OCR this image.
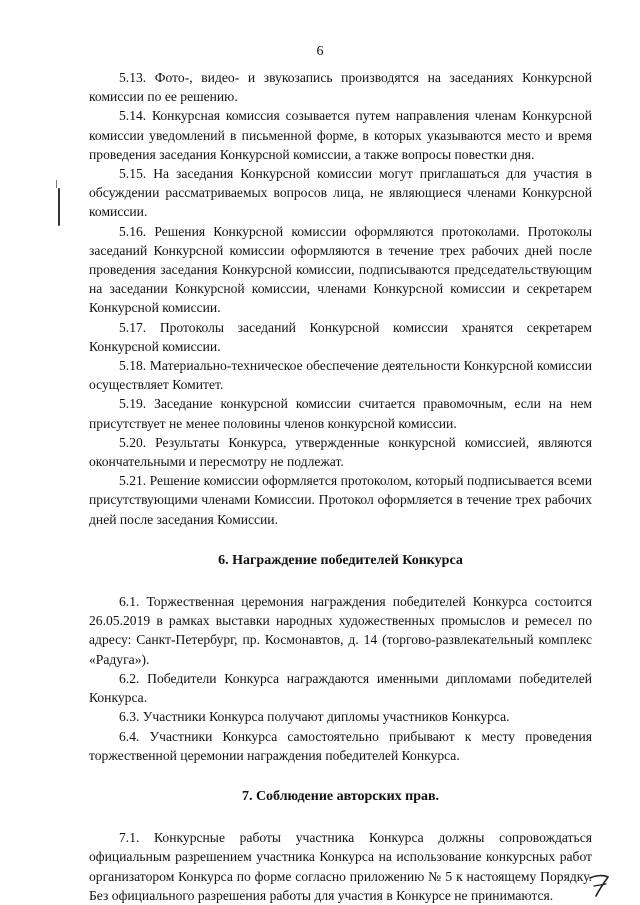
6

5.13. Фото-, видео- и звукозапись производятся на заседаниях Конкурсной комиссии по ее решению.

5.14. Конкурсная комиссия созывается путем направления членам Конкурсной комиссии уведомлений в письменной форме, в которых указываются место и время проведения заседания Конкурсной комиссии, а также вопросы повестки дня.

5.15. На заседания Конкурсной комиссии могут приглашаться для участия в обсуждении рассматриваемых вопросов лица, не являющиеся членами Конкурсной комиссии.

5.16. Решения Конкурсной комиссии оформляются протоколами. Протоколы заседаний Конкурсной комиссии оформляются в течение трех рабочих дней после проведения заседания Конкурсной комиссии, подписываются председательствующим на заседании Конкурсной комиссии, членами Конкурсной комиссии и секретарем Конкурсной комиссии.

5.17. Протоколы заседаний Конкурсной комиссии хранятся секретарем Конкурсной комиссии.

5.18. Материально-техническое обеспечение деятельности Конкурсной комиссии осуществляет Комитет.

5.19. Заседание конкурсной комиссии считается правомочным, если на нем присутствует не менее половины членов конкурсной комиссии.

5.20. Результаты Конкурса, утвержденные конкурсной комиссией, являются окончательными и пересмотру не подлежат.

5.21. Решение комиссии оформляется протоколом, который подписывается всеми присутствующими членами Комиссии. Протокол оформляется в течение трех рабочих дней после заседания Комиссии.

6. Награждение победителей Конкурса

6.1. Торжественная церемония награждения победителей Конкурса состоится 26.05.2019 в рамках выставки народных художественных промыслов и ремесел по адресу: Санкт-Петербург, пр. Космонавтов, д. 14 (торгово-развлекательный комплекс «Радуга»).

6.2. Победители Конкурса награждаются именными дипломами победителей Конкурса.

6.3. Участники Конкурса получают дипломы участников Конкурса.

6.4. Участники Конкурса самостоятельно прибывают к месту проведения торжественной церемонии награждения победителей Конкурса.

7. Соблюдение авторских прав.

7.1. Конкурсные работы участника Конкурса должны сопровождаться официальным разрешением участника Конкурса на использование конкурсных работ организатором Конкурса по форме согласно приложению № 5 к настоящему Порядку. Без официального разрешения работы для участия в Конкурсе не принимаются.
